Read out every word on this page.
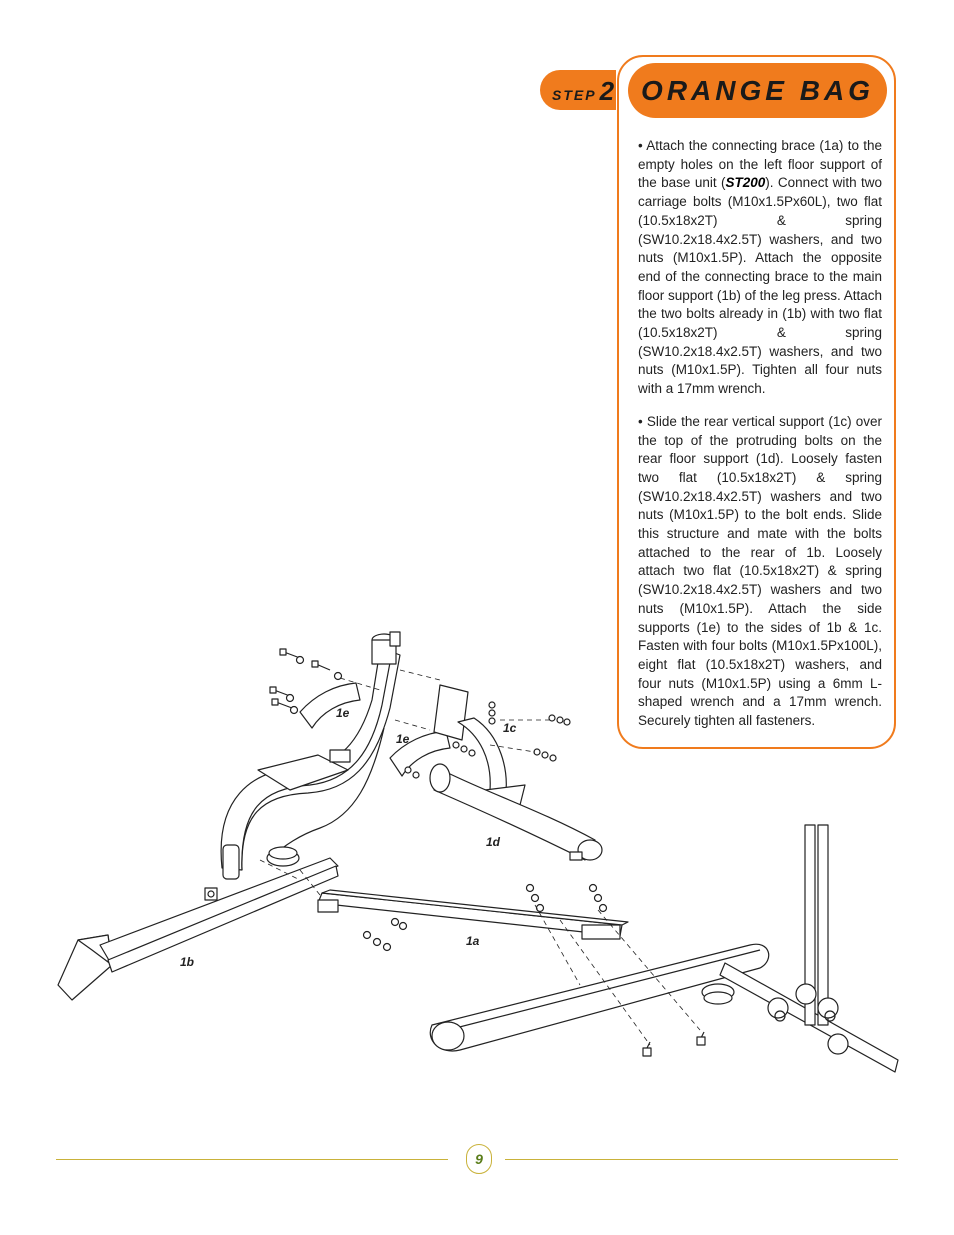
STEP 2 ORANGE BAG

• Attach the connecting brace (1a) to the empty holes on the left floor support of the base unit (ST200). Connect with two carriage bolts (M10x1.5Px60L), two flat (10.5x18x2T) & spring (SW10.2x18.4x2.5T) washers, and two nuts (M10x1.5P). Attach the opposite end of the connecting brace to the main floor support (1b) of the leg press. Attach the two bolts already in (1b) with two flat (10.5x18x2T) & spring (SW10.2x18.4x2.5T) washers, and two nuts (M10x1.5P). Tighten all four nuts with a 17mm wrench.

• Slide the rear vertical support (1c) over the top of the protruding bolts on the rear floor support (1d). Loosely fasten two flat (10.5x18x2T) & spring (SW10.2x18.4x2.5T) washers and two nuts (M10x1.5P) to the bolt ends. Slide this structure and mate with the bolts attached to the rear of 1b. Loosely attach two flat (10.5x18x2T) & spring (SW10.2x18.4x2.5T) washers and two nuts (M10x1.5P). Attach the side supports (1e) to the sides of 1b & 1c. Fasten with four bolts (M10x1.5Px100L), eight flat (10.5x18x2T) washers, and four nuts (M10x1.5P) using a 6mm L-shaped wrench and a 17mm wrench. Securely tighten all fasteners.

1e
1e
1c
1d
1a
1b
9
